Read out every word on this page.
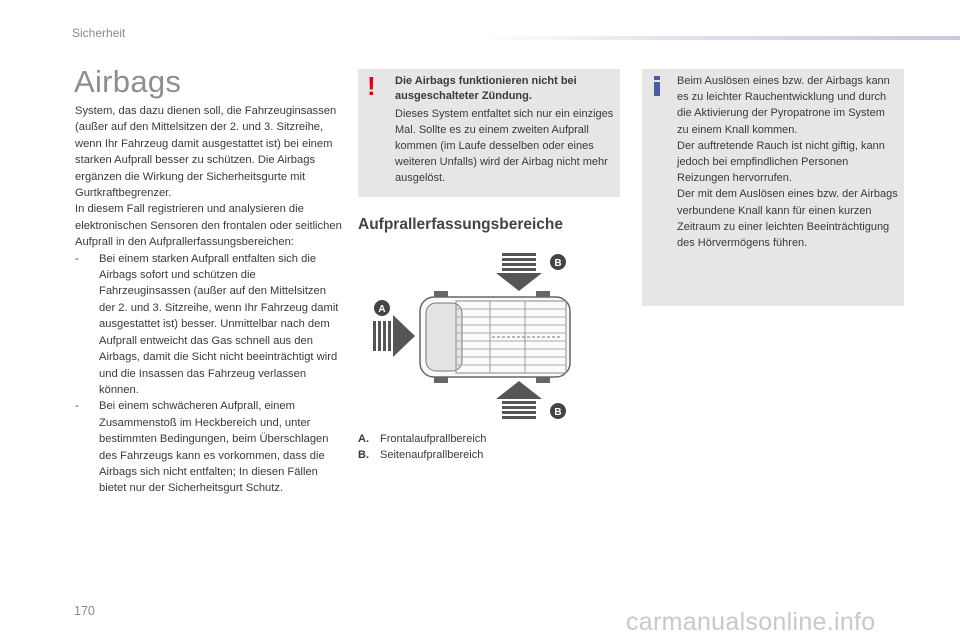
Sicherheit
Airbags

System, das dazu dienen soll, die Fahrzeuginsassen (außer auf den Mittelsitzen der 2. und 3. Sitzreihe, wenn Ihr Fahrzeug damit ausgestattet ist) bei einem starken Aufprall besser zu schützen. Die Airbags ergänzen die Wirkung der Sicherheitsgurte mit Gurtkraftbegrenzer.

In diesem Fall registrieren und analysieren die elektronischen Sensoren den frontalen oder seitlichen Aufprall in den Aufprallerfassungsbereichen:

-	Bei einem starken Aufprall entfalten sich die Airbags sofort und schützen die Fahrzeuginsassen (außer auf den Mittelsitzen der 2. und 3. Sitzreihe, wenn Ihr Fahrzeug damit ausgestattet ist) besser. Unmittelbar nach dem Aufprall entweicht das Gas schnell aus den Airbags, damit die Sicht nicht beeinträchtigt wird und die Insassen das Fahrzeug verlassen können.
-	Bei einem schwächeren Aufprall, einem Zusammenstoß im Heckbereich und, unter bestimmten Bedingungen, beim Überschlagen des Fahrzeugs kann es vorkommen, dass die Airbags sich nicht entfalten; In diesen Fällen bietet nur der Sicherheitsgurt Schutz.
! Die Airbags funktionieren nicht bei ausgeschalteter Zündung.
Dieses System entfaltet sich nur ein einziges Mal. Sollte es zu einem zweiten Aufprall kommen (im Laufe desselben oder eines weiteren Unfalls) wird der Airbag nicht mehr ausgelöst.
Aufprallerfassungsbereiche
B
A
B
A. Frontalaufprallbereich
B. Seitenaufprallbereich
Beim Auslösen eines bzw. der Airbags kann es zu leichter Rauchentwicklung und durch die Aktivierung der Pyropatrone im System zu einem Knall kommen.
Der auftretende Rauch ist nicht giftig, kann jedoch bei empfindlichen Personen Reizungen hervorrufen.
Der mit dem Auslösen eines bzw. der Airbags verbundene Knall kann für einen kurzen Zeitraum zu einer leichten Beeinträchtigung des Hörvermögens führen.
170	carmanualsonline.info
